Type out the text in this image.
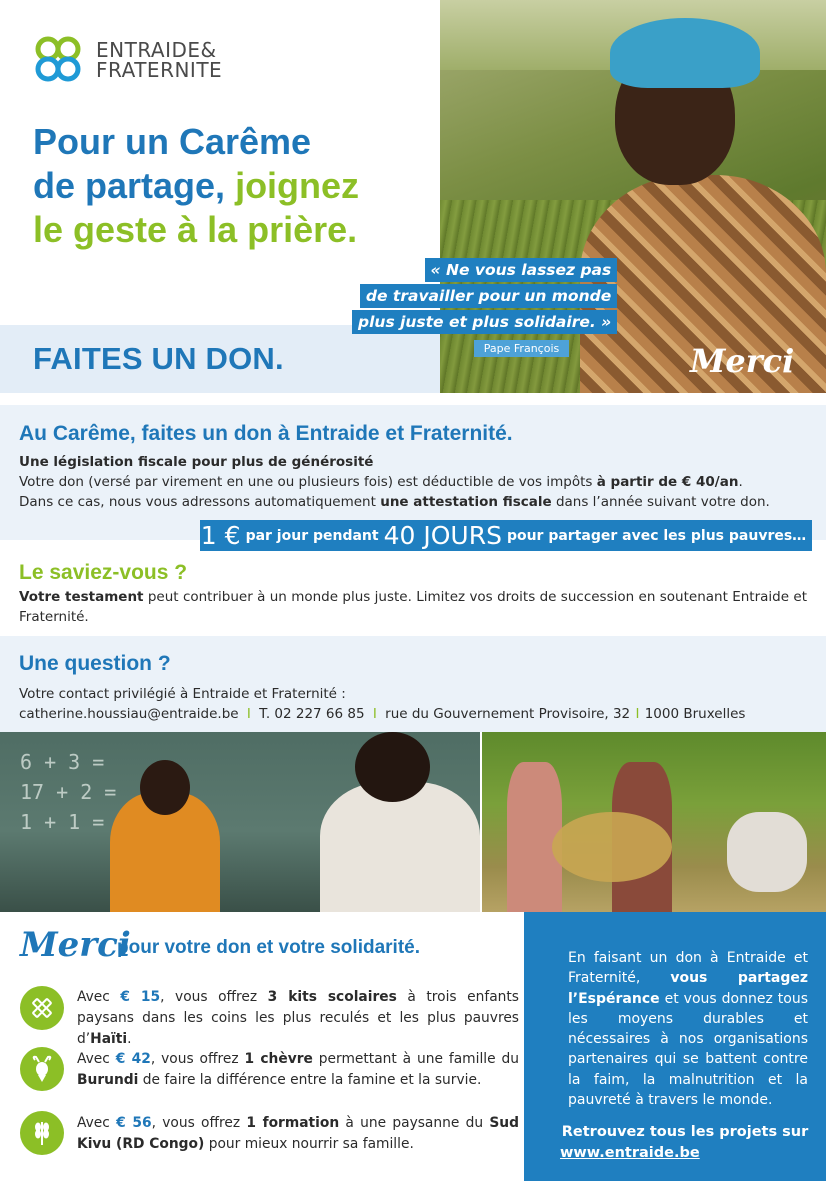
ENTRAIDE&
FRATERNITE
Pour un Carême
de partage, joignez
le geste à la prière.
FAITES UN DON.
« Ne vous lassez pas
de travailler pour un monde
plus juste et plus solidaire. »
Pape François	Merci
Au Carême, faites un don à Entraide et Fraternité.
Une législation fiscale pour plus de générosité
Votre don (versé par virement en une ou plusieurs fois) est déductible de vos impôts à partir de € 40/an.
Dans ce cas, nous vous adressons automatiquement une attestation fiscale dans l’année suivant votre don.
1 € par jour pendant 40 JOURS pour partager avec les plus pauvres…
Le saviez-vous ?
Votre testament peut contribuer à un monde plus juste. Limitez vos droits de succession en soutenant Entraide et Fraternité.
Une question ?
Votre contact privilégié à Entraide et Fraternité :
catherine.houssiau@entraide.be I T. 02 227 66 85 I rue du Gouvernement Provisoire, 32 I 1000 Bruxelles
6 + 3 =
17 + 2 =
1 + 1 =
Merci
pour votre don et votre solidarité.
Avec € 15, vous offrez 3 kits scolaires à trois enfants paysans dans les coins les plus reculés et les plus pauvres d’Haïti.
Avec € 42, vous offrez 1 chèvre permettant à une famille du Burundi de faire la différence entre la famine et la survie.
Avec € 56, vous offrez 1 formation à une paysanne du Sud Kivu (RD Congo) pour mieux nourrir sa famille.
En faisant un don à Entraide et Fraternité, vous partagez l’Espérance et vous donnez tous les moyens durables et nécessaires à nos organisations partenaires qui se battent contre la faim, la malnutrition et la pauvreté à travers le monde.
Retrouvez tous les projets sur
www.entraide.be
